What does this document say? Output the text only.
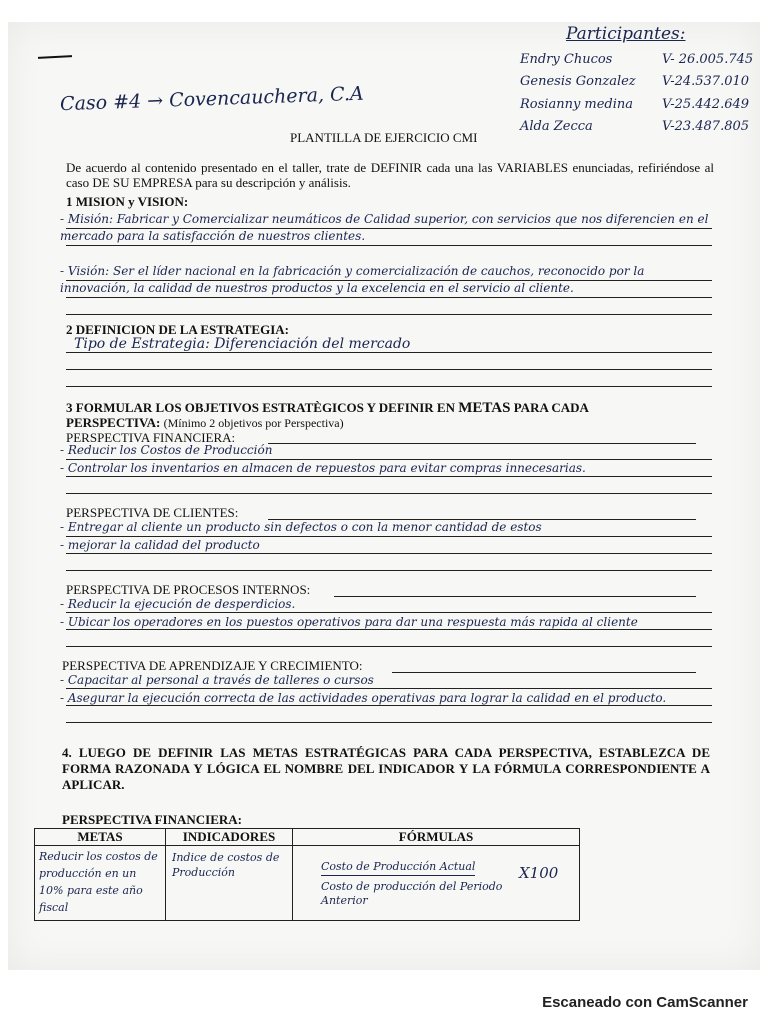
Participantes:
Endry Chucos	V- 26.005.745
Genesis Gonzalez V-24.537.010
Rosianny medina V-25.442.649
Alda Zecca	V-23.487.805
Caso #4 → Covencauchera, C.A
PLANTILLA DE EJERCICIO CMI
De acuerdo al contenido presentado en el taller, trate de DEFINIR cada una las VARIABLES enunciadas, refiriéndose al caso DE SU EMPRESA para su descripción y análisis.
1 MISION y VISION:
- Misión: Fabricar y Comercializar neumáticos de Calidad superior, con servicios que nos diferencien en el mercado para la satisfacción de nuestros clientes.
- Visión: Ser el líder nacional en la fabricación y comercialización de cauchos, reconocido por la innovación, la calidad de nuestros productos y la excelencia en el servicio al cliente.
2 DEFINICION DE LA ESTRATEGIA:
Tipo de Estrategia: Diferenciación del mercado
3 FORMULAR LOS OBJETIVOS ESTRATÈGICOS Y DEFINIR EN METAS PARA CADA
PERSPECTIVA: (Mínimo 2 objetivos por Perspectiva)
PERSPECTIVA FINANCIERA:
- Reducir los Costos de Producción
- Controlar los inventarios en almacen de repuestos para evitar compras innecesarias.
PERSPECTIVA DE CLIENTES:
- Entregar al cliente un producto sin defectos o con la menor cantidad de estos
- mejorar la calidad del producto
PERSPECTIVA DE PROCESOS INTERNOS:
- Reducir la ejecución de desperdicios.
- Ubicar los operadores en los puestos operativos para dar una respuesta más rapida al cliente
PERSPECTIVA DE APRENDIZAJE Y CRECIMIENTO:
- Capacitar al personal a través de talleres o cursos
- Asegurar la ejecución correcta de las actividades operativas para lograr la calidad en el producto.
4. LUEGO DE DEFINIR LAS METAS ESTRATÉGICAS PARA CADA PERSPECTIVA, ESTABLEZCA DE FORMA RAZONADA Y LÓGICA EL NOMBRE DEL INDICADOR Y LA FÓRMULA CORRESPONDIENTE A APLICAR.
PERSPECTIVA FINANCIERA:
METAS	INDICADORES	FÓRMULAS

Reducir los costos de producción en un 10% para este año fiscal	Indice de costos de Producción	Costo de Producción Actual
Costo de producción del Periodo Anterior
X100
Escaneado con CamScanner
